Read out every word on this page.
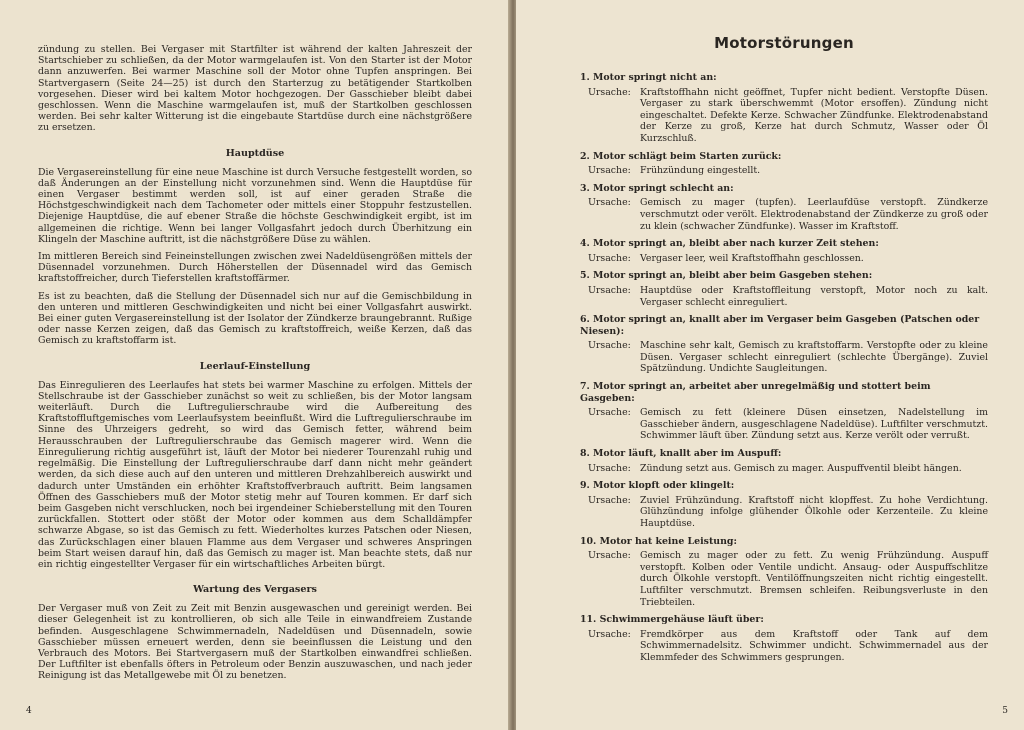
zündung zu stellen. Bei Vergaser mit Startfilter ist während der kalten Jahreszeit der Startschieber zu schließen, da der Motor warmgelaufen ist. Von den Starter ist der Motor dann anzuwerfen. Bei warmer Maschine soll der Motor ohne Tupfen anspringen. Bei Startvergasern (Seite 24—25) ist durch den Starterzug zu betätigender Startkolben vorgesehen. Dieser wird bei kaltem Motor hochgezogen. Der Gasschieber bleibt dabei geschlossen. Wenn die Maschine warmgelaufen ist, muß der Startkolben geschlossen werden. Bei sehr kalter Witterung ist die eingebaute Startdüse durch eine nächstgrößere zu ersetzen.

Hauptdüse

Die Vergasereinstellung für eine neue Maschine ist durch Versuche festgestellt worden, so daß Änderungen an der Einstellung nicht vorzunehmen sind. Wenn die Hauptdüse für einen Vergaser bestimmt werden soll, ist auf einer geraden Straße die Höchstgeschwindigkeit nach dem Tachometer oder mittels einer Stoppuhr festzustellen. Diejenige Hauptdüse, die auf ebener Straße die höchste Geschwindigkeit ergibt, ist im allgemeinen die richtige. Wenn bei langer Vollgasfahrt jedoch durch Überhitzung ein Klingeln der Maschine auftritt, ist die nächstgrößere Düse zu wählen.

Im mittleren Bereich sind Feineinstellungen zwischen zwei Nadeldüsengrößen mittels der Düsennadel vorzunehmen. Durch Höherstellen der Düsennadel wird das Gemisch kraftstoffreicher, durch Tieferstellen kraftstoffärmer.

Es ist zu beachten, daß die Stellung der Düsennadel sich nur auf die Gemischbildung in den unteren und mittleren Geschwindigkeiten und nicht bei einer Vollgasfahrt auswirkt. Bei einer guten Vergasereinstellung ist der Isolator der Zündkerze braungebrannt. Rußige oder nasse Kerzen zeigen, daß das Gemisch zu kraftstoffreich, weiße Kerzen, daß das Gemisch zu kraftstoffarm ist.

Leerlauf-Einstellung

Das Einregulieren des Leerlaufes hat stets bei warmer Maschine zu erfolgen. Mittels der Stellschraube ist der Gasschieber zunächst so weit zu schließen, bis der Motor langsam weiterläuft. Durch die Luftregulierschraube wird die Aufbereitung des Kraftstoffluftgemisches vom Leerlaufsystem beeinflußt. Wird die Luftregulierschraube im Sinne des Uhrzeigers gedreht, so wird das Gemisch fetter, während beim Herausschrauben der Luftregulierschraube das Gemisch magerer wird. Wenn die Einregulierung richtig ausgeführt ist, läuft der Motor bei niederer Tourenzahl ruhig und regelmäßig. Die Einstellung der Luftregulierschraube darf dann nicht mehr geändert werden, da sich diese auch auf den unteren und mittleren Drehzahlbereich auswirkt und dadurch unter Umständen ein erhöhter Kraftstoffverbrauch auftritt. Beim langsamen Öffnen des Gasschiebers muß der Motor stetig mehr auf Touren kommen. Er darf sich beim Gasgeben nicht verschlucken, noch bei irgendeiner Schieberstellung mit den Touren zurückfallen. Stottert oder stößt der Motor oder kommen aus dem Schalldämpfer schwarze Abgase, so ist das Gemisch zu fett. Wiederholtes kurzes Patschen oder Niesen, das Zurückschlagen einer blauen Flamme aus dem Vergaser und schweres Anspringen beim Start weisen darauf hin, daß das Gemisch zu mager ist. Man beachte stets, daß nur ein richtig eingestellter Vergaser für ein wirtschaftliches Arbeiten bürgt.

Wartung des Vergasers

Der Vergaser muß von Zeit zu Zeit mit Benzin ausgewaschen und gereinigt werden. Bei dieser Gelegenheit ist zu kontrollieren, ob sich alle Teile in einwandfreiem Zustande befinden. Ausgeschlagene Schwimmernadeln, Nadeldüsen und Düsennadeln, sowie Gasschieber müssen erneuert werden, denn sie beeinflussen die Leistung und den Verbrauch des Motors. Bei Startvergasern muß der Startkolben einwandfrei schließen. Der Luftfilter ist ebenfalls öfters in Petroleum oder Benzin auszuwaschen, und nach jeder Reinigung ist das Metallgewebe mit Öl zu benetzen.

4
Motorstörungen
1. Motor springt nicht an:
Ursache: Kraftstoffhahn nicht geöffnet, Tupfer nicht bedient. Verstopfte Düsen. Vergaser zu stark überschwemmt (Motor ersoffen). Zündung nicht eingeschaltet. Defekte Kerze. Schwacher Zündfunke. Elektrodenabstand der Kerze zu groß, Kerze hat durch Schmutz, Wasser oder Öl Kurzschluß.
2. Motor schlägt beim Starten zurück:
Ursache: Frühzündung eingestellt.
3. Motor springt schlecht an:
Ursache: Gemisch zu mager (tupfen). Leerlaufdüse verstopft. Zündkerze verschmutzt oder verölt. Elektrodenabstand der Zündkerze zu groß oder zu klein (schwacher Zündfunke). Wasser im Kraftstoff.
4. Motor springt an, bleibt aber nach kurzer Zeit stehen:
Ursache: Vergaser leer, weil Kraftstoffhahn geschlossen.
5. Motor springt an, bleibt aber beim Gasgeben stehen:
Ursache: Hauptdüse oder Kraftstoffleitung verstopft, Motor noch zu kalt. Vergaser schlecht einreguliert.
6. Motor springt an, knallt aber im Vergaser beim Gasgeben (Patschen oder Niesen):
Ursache: Maschine sehr kalt, Gemisch zu kraftstoffarm. Verstopfte oder zu kleine Düsen. Vergaser schlecht einreguliert (schlechte Übergänge). Zuviel Spätzündung. Undichte Saugleitungen.
7. Motor springt an, arbeitet aber unregelmäßig und stottert beim Gasgeben:
Ursache: Gemisch zu fett (kleinere Düsen einsetzen, Nadelstellung im Gasschieber ändern, ausgeschlagene Nadeldüse). Luftfilter verschmutzt. Schwimmer läuft über. Zündung setzt aus. Kerze verölt oder verrußt.
8. Motor läuft, knallt aber im Auspuff:
Ursache: Zündung setzt aus. Gemisch zu mager. Auspuffventil bleibt hängen.
9. Motor klopft oder klingelt:
Ursache: Zuviel Frühzündung. Kraftstoff nicht klopffest. Zu hohe Verdichtung. Glühzündung infolge glühender Ölkohle oder Kerzenteile. Zu kleine Hauptdüse.
10. Motor hat keine Leistung:
Ursache: Gemisch zu mager oder zu fett. Zu wenig Frühzündung. Auspuff verstopft. Kolben oder Ventile undicht. Ansaug- oder Auspuffschlitze durch Ölkohle verstopft. Ventilöffnungszeiten nicht richtig eingestellt. Luftfilter verschmutzt. Bremsen schleifen. Reibungsverluste in den Triebteilen.
11. Schwimmergehäuse läuft über:
Ursache: Fremdkörper aus dem Kraftstoff oder Tank auf dem Schwimmernadelsitz. Schwimmer undicht. Schwimmernadel aus der Klemmfeder des Schwimmers gesprungen.
5
